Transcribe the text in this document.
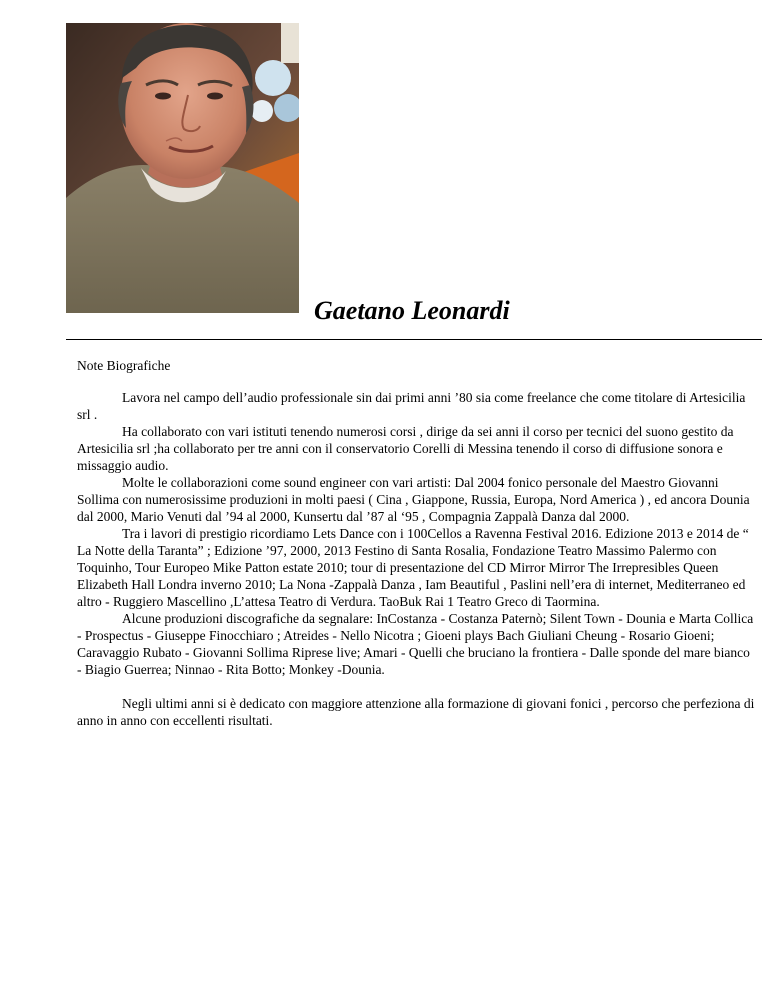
Gaetano Leonardi
Note Biografiche

Lavora nel campo dell’audio professionale sin dai primi anni ’80 sia come freelance che come titolare di Artesicilia srl .

Ha collaborato con vari istituti tenendo numerosi corsi , dirige da sei anni il corso per tecnici del suono gestito da Artesicilia srl ;ha collaborato per tre anni con il conservatorio Corelli di Messina tenendo il corso di diffusione sonora e missaggio audio.

Molte le collaborazioni come sound engineer con vari artisti: Dal 2004 fonico personale del Maestro Giovanni Sollima con numerosissime produzioni in molti paesi ( Cina , Giappone, Russia, Europa, Nord America ) , ed ancora Dounia dal 2000, Mario Venuti dal ’94 al 2000, Kunsertu dal ’87 al ‘95 , Compagnia Zappalà Danza dal 2000.

Tra i lavori di prestigio ricordiamo Lets Dance con i 100Cellos a Ravenna Festival 2016. Edizione 2013 e 2014 de “ La Notte della Taranta” ; Edizione ’97, 2000, 2013 Festino di Santa Rosalia, Fondazione Teatro Massimo Palermo con Toquinho, Tour Europeo Mike Patton estate 2010; tour di presentazione del CD Mirror Mirror The Irrepresibles Queen Elizabeth Hall Londra inverno 2010; La Nona -Zappalà Danza , Iam Beautiful , Paslini nell’era di internet, Mediterraneo ed altro - Ruggiero Mascellino ,L’attesa Teatro di Verdura. TaoBuk Rai 1 Teatro Greco di Taormina.

Alcune produzioni discografiche da segnalare: InCostanza - Costanza Paternò; Silent Town - Dounia e Marta Collica - Prospectus - Giuseppe Finocchiaro ; Atreides - Nello Nicotra ; Gioeni plays Bach Giuliani Cheung - Rosario Gioeni; Caravaggio Rubato - Giovanni Sollima Riprese live; Amari - Quelli che bruciano la frontiera - Dalle sponde del mare bianco - Biagio Guerrea; Ninnao - Rita Botto; Monkey -Dounia.

Negli ultimi anni si è dedicato con maggiore attenzione alla formazione di giovani fonici , percorso che perfeziona di anno in anno con eccellenti risultati.
